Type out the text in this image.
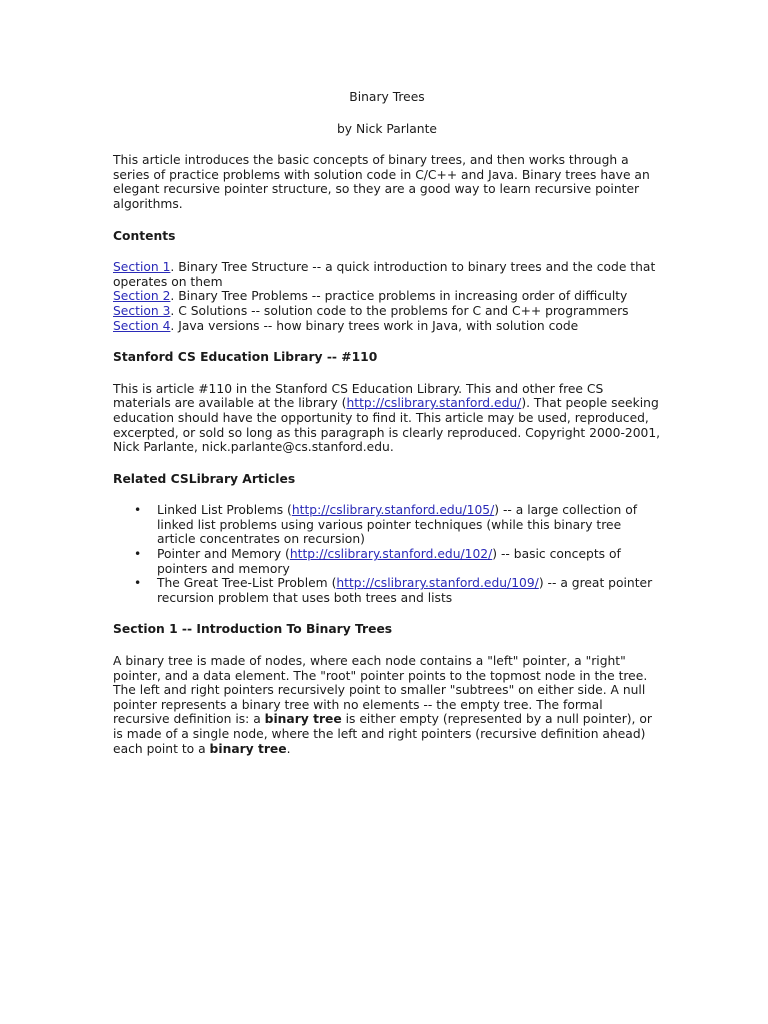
Binary Trees

by Nick Parlante

This article introduces the basic concepts of binary trees, and then works through a series of practice problems with solution code in C/C++ and Java. Binary trees have an elegant recursive pointer structure, so they are a good way to learn recursive pointer algorithms.

Contents

Section 1. Binary Tree Structure -- a quick introduction to binary trees and the code that operates on them

Section 2. Binary Tree Problems -- practice problems in increasing order of difficulty

Section 3. C Solutions -- solution code to the problems for C and C++ programmers

Section 4. Java versions -- how binary trees work in Java, with solution code

Stanford CS Education Library -- #110

This is article #110 in the Stanford CS Education Library. This and other free CS materials are available at the library (http://cslibrary.stanford.edu/). That people seeking education should have the opportunity to find it. This article may be used, reproduced, excerpted, or sold so long as this paragraph is clearly reproduced. Copyright 2000-2001, Nick Parlante, nick.parlante@cs.stanford.edu.

Related CSLibrary Articles

• Linked List Problems (http://cslibrary.stanford.edu/105/) -- a large collection of linked list problems using various pointer techniques (while this binary tree article concentrates on recursion)
• Pointer and Memory (http://cslibrary.stanford.edu/102/) -- basic concepts of pointers and memory
• The Great Tree-List Problem (http://cslibrary.stanford.edu/109/) -- a great pointer recursion problem that uses both trees and lists

Section 1 -- Introduction To Binary Trees

A binary tree is made of nodes, where each node contains a "left" pointer, a "right" pointer, and a data element. The "root" pointer points to the topmost node in the tree. The left and right pointers recursively point to smaller "subtrees" on either side. A null pointer represents a binary tree with no elements -- the empty tree. The formal recursive definition is: a binary tree is either empty (represented by a null pointer), or is made of a single node, where the left and right pointers (recursive definition ahead) each point to a binary tree.
